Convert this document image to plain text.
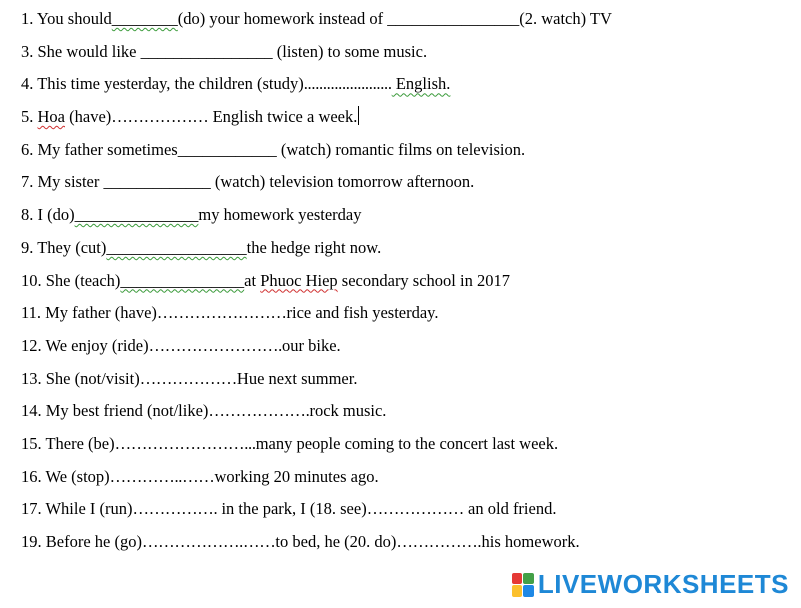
1. You should________(do) your homework instead of ________________(2. watch) TV
3. She would like ________________ (listen) to some music.
4. This time yesterday, the children (study)....................... English.
5. Hoa (have)……………… English twice a week.
6. My father sometimes____________ (watch) romantic films on television.
7. My sister _____________ (watch) television tomorrow afternoon.
8. I (do)_______________my homework yesterday
9. They (cut)_________________the hedge right now.
10. She (teach)_______________at Phuoc Hiep secondary school in 2017
11. My father (have)……………………rice and fish yesterday.
12. We enjoy (ride)…………………….our bike.
13. She (not/visit)………………Hue next summer.
14. My best friend (not/like)……………….rock music.
15. There (be)……………………...many people coming to the concert last week.
16. We (stop)…………..……working 20 minutes ago.
17. While I (run)……………. in the park, I (18. see)……………… an old friend.
19. Before he (go)……………….……to bed, he (20. do)…………….his homework.
LIVEWORKSHEETS
